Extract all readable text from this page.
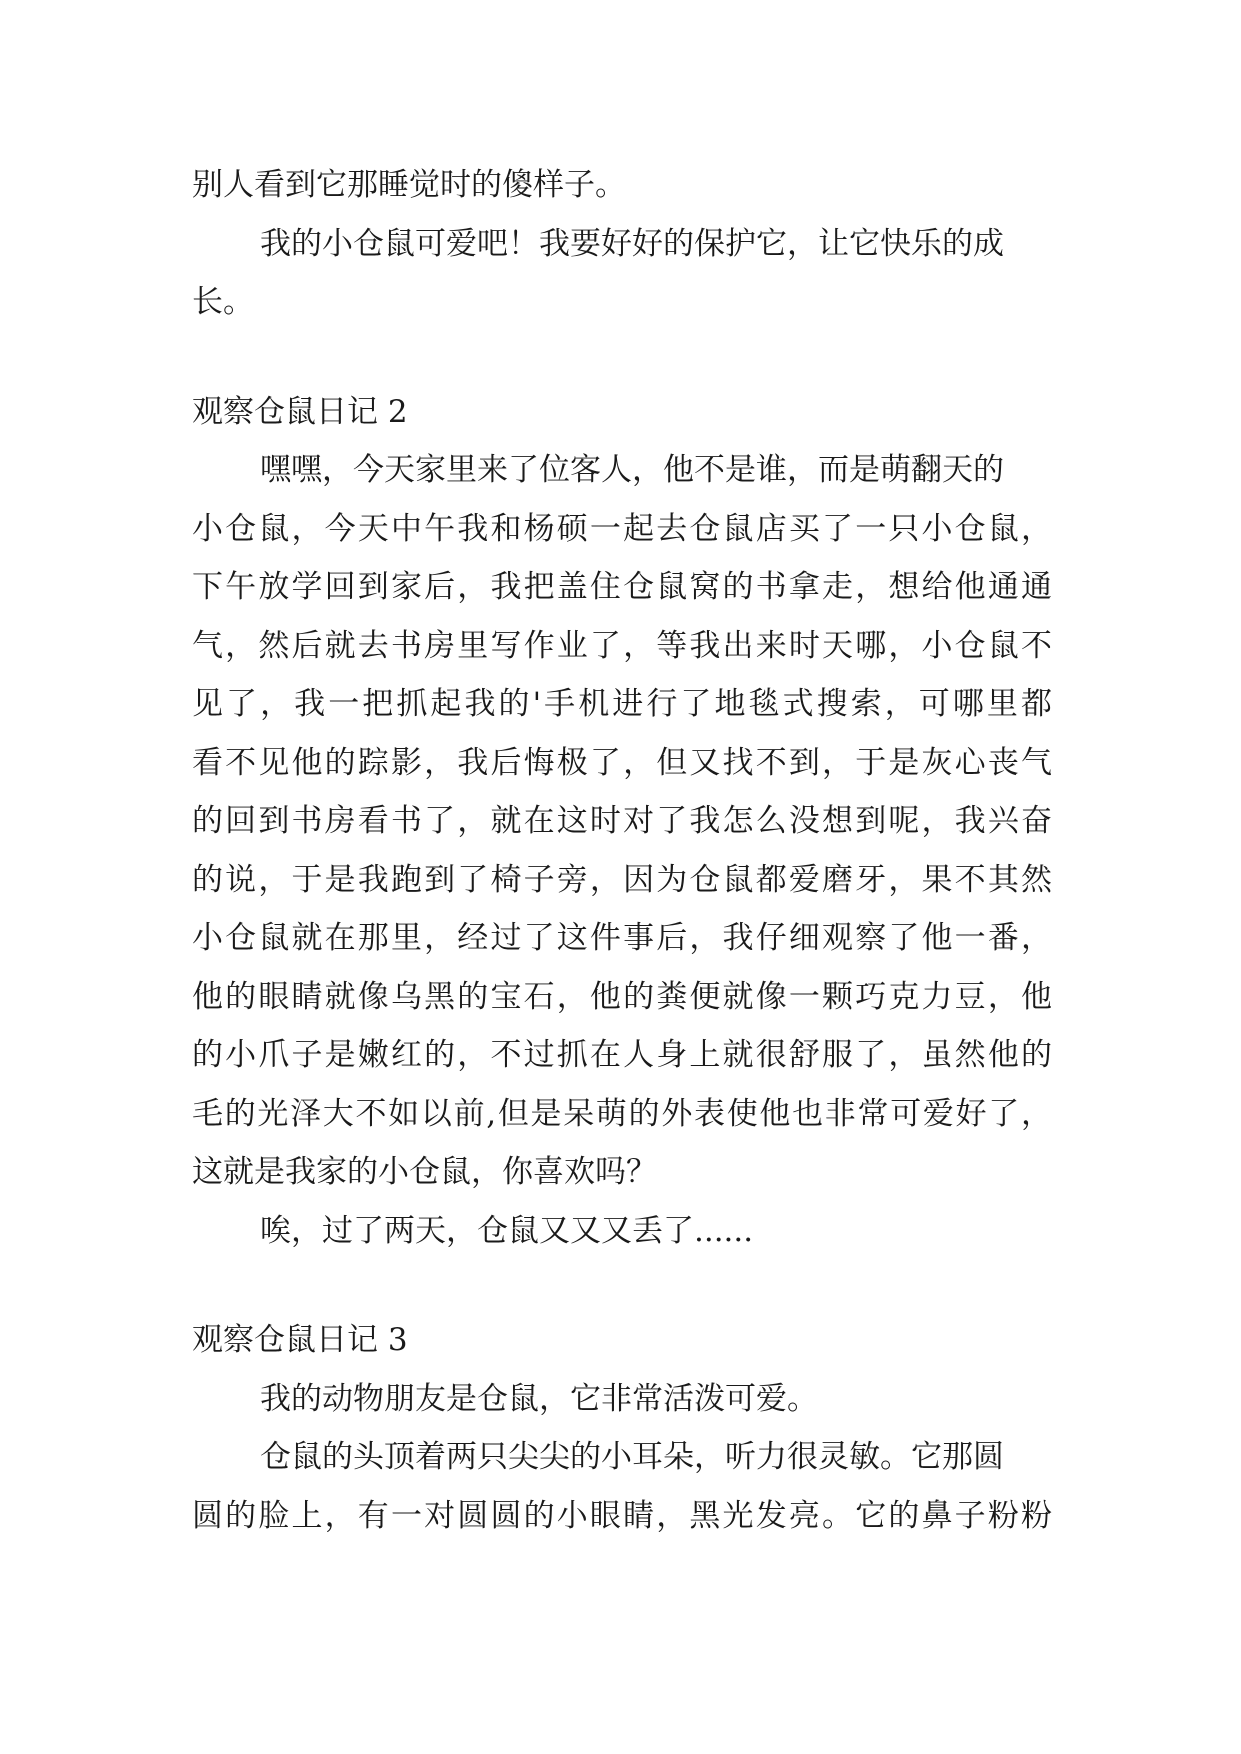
别人看到它那睡觉时的傻样子。
我的小仓鼠可爱吧！我要好好的保护它，让它快乐的成
长。
观察仓鼠日记 2
嘿嘿，今天家里来了位客人，他不是谁，而是萌翻天的
小仓鼠，今天中午我和杨硕一起去仓鼠店买了一只小仓鼠，
下午放学回到家后，我把盖住仓鼠窝的书拿走，想给他通通
气，然后就去书房里写作业了，等我出来时天哪，小仓鼠不
见了，我一把抓起我的'手机进行了地毯式搜索，可哪里都
看不见他的踪影，我后悔极了，但又找不到，于是灰心丧气
的回到书房看书了，就在这时对了我怎么没想到呢，我兴奋
的说，于是我跑到了椅子旁，因为仓鼠都爱磨牙，果不其然
小仓鼠就在那里，经过了这件事后，我仔细观察了他一番，
他的眼睛就像乌黑的宝石，他的粪便就像一颗巧克力豆，他
的小爪子是嫩红的，不过抓在人身上就很舒服了，虽然他的
毛的光泽大不如以前,但是呆萌的外表使他也非常可爱好了，
这就是我家的小仓鼠，你喜欢吗？
唉，过了两天，仓鼠又又又丢了......
观察仓鼠日记 3
我的动物朋友是仓鼠，它非常活泼可爱。
仓鼠的头顶着两只尖尖的小耳朵，听力很灵敏。它那圆
圆的脸上，有一对圆圆的小眼睛，黑光发亮。它的鼻子粉粉
